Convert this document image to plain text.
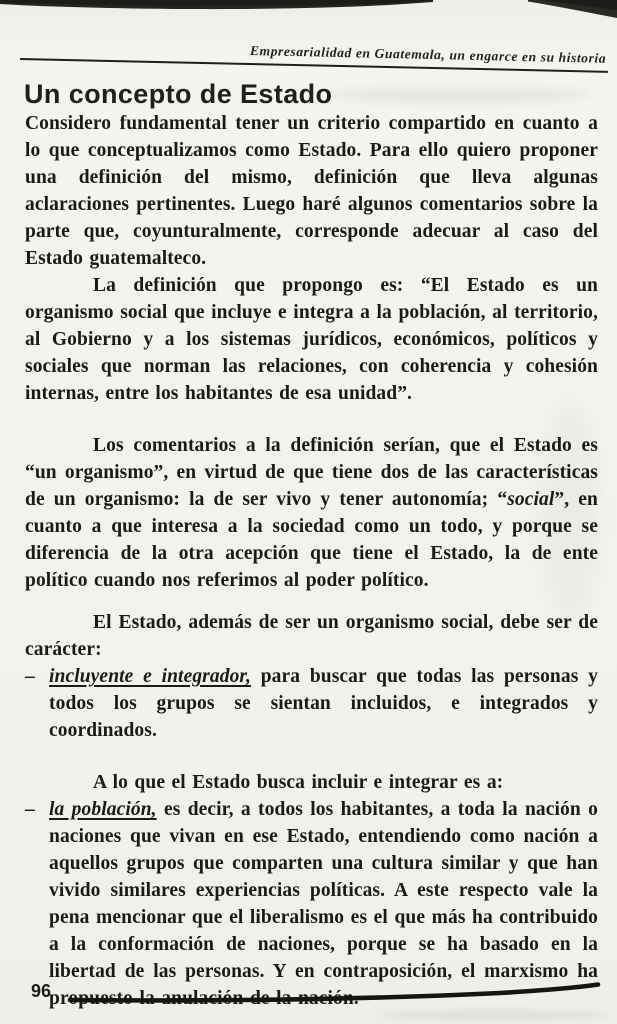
Empresarialidad en Guatemala, un engarce en su historia
Un concepto de Estado

Considero fundamental tener un criterio compartido en cuanto a lo que conceptualizamos como Estado. Para ello quiero proponer una definición del mismo, definición que lleva algunas aclaraciones pertinentes. Luego haré algunos comentarios sobre la parte que, coyunturalmente, corresponde adecuar al caso del Estado guatemalteco.

La definición que propongo es: “El Estado es un organismo social que incluye e integra a la población, al territorio, al Gobierno y a los sistemas jurídicos, económicos, políticos y sociales que norman las relaciones, con coherencia y cohesión internas, entre los habitantes de esa unidad”.

Los comentarios a la definición serían, que el Estado es “un organismo”, en virtud de que tiene dos de las características de un organismo: la de ser vivo y tener autonomía; “social”, en cuanto a que interesa a la sociedad como un todo, y porque se diferencia de la otra acepción que tiene el Estado, la de ente político cuando nos referimos al poder político.

El Estado, además de ser un organismo social, debe ser de carácter:

– incluyente e integrador, para buscar que todas las personas y todos los grupos se sientan incluidos, e integrados y coordinados.

A lo que el Estado busca incluir e integrar es a:

– la población, es decir, a todos los habitantes, a toda la nación o naciones que vivan en ese Estado, entendiendo como nación a aquellos grupos que comparten una cultura similar y que han vivido similares experiencias políticas. A este respecto vale la pena mencionar que el liberalismo es el que más ha contribuido a la conformación de naciones, porque se ha basado en la libertad de las personas. Y en contraposición, el marxismo ha propuesto la anulación de la nación.

96
